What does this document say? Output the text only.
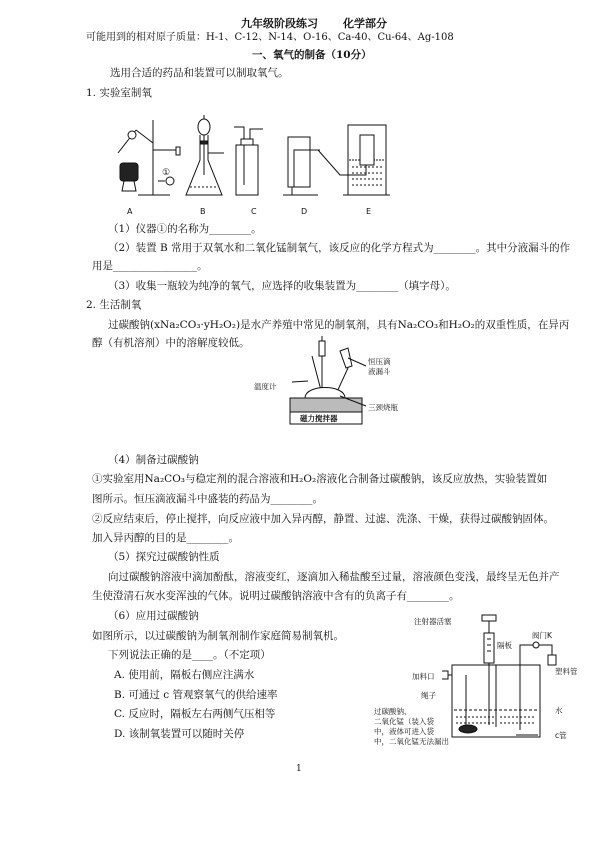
九年级阶段练习 化学部分
可能用到的相对原子质量：H-1、C-12、N-14、O-16、Ca-40、Cu-64、Ag-108
一、氧气的制备（10分）
选用合适的药品和装置可以制取氧气。
1. 实验室制氧
①
A	B	C	D	E
（1）仪器①的名称为________。
（2）装置 B 常用于双氧水和二氧化锰制氧气，该反应的化学方程式为________。其中分液漏斗的作
用是________________。
（3）收集一瓶较为纯净的氧气，应选择的收集装置为________（填字母）。
2. 生活制氧
过碳酸钠(xNa₂CO₃·yH₂O₂)是水产养殖中常见的制氧剂，具有Na₂CO₃和H₂O₂的双重性质，在异丙
醇（有机溶剂）中的溶解度较低。
温度计
恒压滴
液漏斗
三颈烧瓶
磁力搅拌器
（4）制备过碳酸钠
①实验室用Na₂CO₃与稳定剂的混合溶液和H₂O₂溶液化合制备过碳酸钠，该反应放热，实验装置如
图所示。恒压滴液漏斗中盛装的药品为________。
②反应结束后，停止搅拌，向反应液中加入异丙醇，静置、过滤、洗涤、干燥，获得过碳酸钠固体。
加入异丙醇的目的是________。
（5）探究过碳酸钠性质
向过碳酸钠溶液中滴加酚酞，溶液变红，逐滴加入稀盐酸至过量，溶液颜色变浅，最终呈无色并产
生使澄清石灰水变浑浊的气体。说明过碳酸钠溶液中含有的负离子有________。
（6）应用过碳酸钠
如图所示，以过碳酸钠为制氧剂制作家庭简易制氧机。
下列说法正确的是____。（不定项）
A. 使用前，隔板右侧应注满水
B. 可通过 c 管观察氧气的供给速率
C. 反应时，隔板左右两侧气压相等
D. 该制氧装置可以随时关停
注射器活塞
阀门K
隔板
塑料管
加料口
绳子
水
c管
过碳酸钠、
二氧化锰（装入袋
中，液体可进入袋
中，二氧化锰无法漏出
1
